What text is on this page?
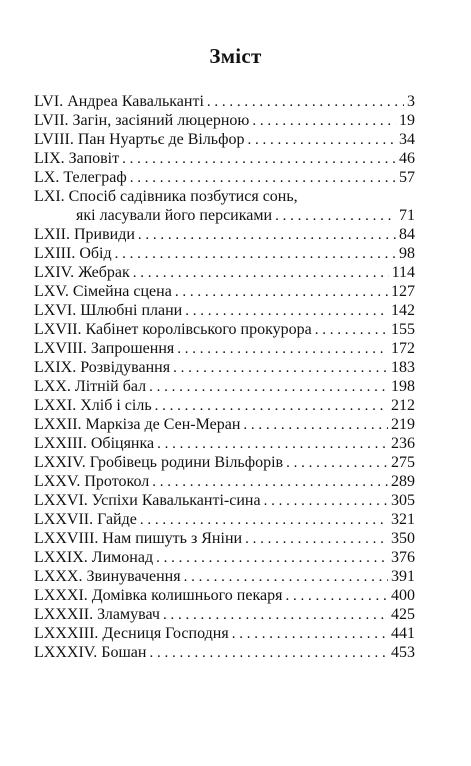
Зміст
LVI. Андреа Кавальканті . . .	3
LVII. Загін, засіяний люцерною . . .	19
LVIII. Пан Нуартьє де Вільфор . . .	34
LIX. Заповіт . . .	46
LX. Телеграф . . .	57
LXI. Спосіб садівника позбутися сонь,
які ласували його персиками . . .	71
LXII. Привиди . . .	84
LXIII. Обід . . .	98
LXIV. Жебрак . . .	114
LXV. Сімейна сцена . . .	127
LXVI. Шлюбні плани . . .	142
LXVII. Кабінет королівського прокурора . . .	155
LXVIII. Запрошення . . .	172
LXIX. Розвідування . . .	183
LXX. Літній бал . . .	198
LXXI. Хліб і сіль . . .	212
LXXII. Маркіза де Сен-Меран . . .	219
LXXIII. Обіцянка . . .	236
LXXIV. Гробівець родини Вільфорів . . .	275
LXXV. Протокол . . .	289
LXXVI. Успіхи Кавальканті-сина . . .	305
LXXVII. Гайде . . .	321
LXXVIII. Нам пишуть з Яніни . . .	350
LXXIX. Лимонад . . .	376
LXXX. Звинувачення . . .	391
LXXXI. Домівка колишнього пекаря . . .	400
LXXXII. Зламувач . . .	425
LXXXIII. Десниця Господня . . .	441
LXXXIV. Бошан . . .	453
